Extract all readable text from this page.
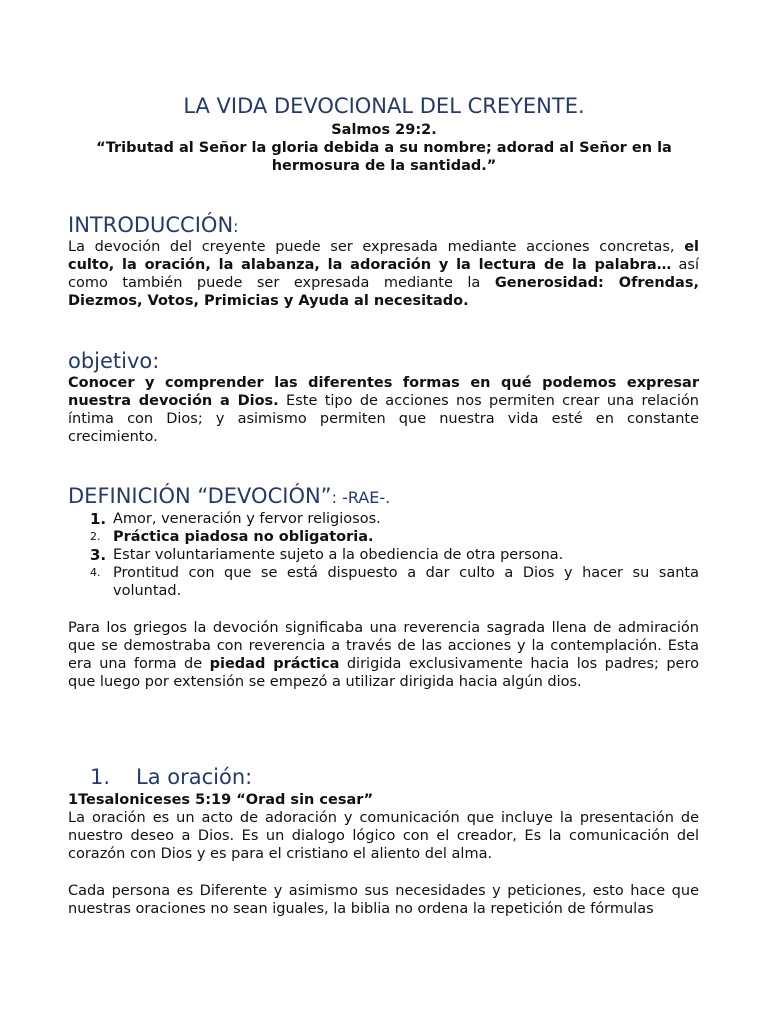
LA VIDA DEVOCIONAL DEL CREYENTE.
Salmos 29:2.
“Tributad al Señor la gloria debida a su nombre; adorad al Señor en la hermosura de la santidad.”
INTRODUCCIÓN:
La devoción del creyente puede ser expresada mediante acciones concretas, el culto, la oración, la alabanza, la adoración y la lectura de la palabra… así como también puede ser expresada mediante la Generosidad: Ofrendas, Diezmos, Votos, Primicias y Ayuda al necesitado.
objetivo:
Conocer y comprender las diferentes formas en qué podemos expresar nuestra devoción a Dios. Este tipo de acciones nos permiten crear una relación íntima con Dios; y asimismo permiten que nuestra vida esté en constante crecimiento.
DEFINICIÓN “DEVOCIÓN”: -RAE-.
1. Amor, veneración y fervor religiosos.
2. Práctica piadosa no obligatoria.
3. Estar voluntariamente sujeto a la obediencia de otra persona.
4. Prontitud con que se está dispuesto a dar culto a Dios y hacer su santa voluntad.
Para los griegos la devoción significaba una reverencia sagrada llena de admiración que se demostraba con reverencia a través de las acciones y la contemplación. Esta era una forma de piedad práctica dirigida exclusivamente hacia los padres; pero que luego por extensión se empezó a utilizar dirigida hacia algún dios.
1. La oración:
1Tesaloniceses 5:19 “Orad sin cesar”
La oración es un acto de adoración y comunicación que incluye la presentación de nuestro deseo a Dios. Es un dialogo lógico con el creador, Es la comunicación del corazón con Dios y es para el cristiano el aliento del alma.
Cada persona es Diferente y asimismo sus necesidades y peticiones, esto hace que nuestras oraciones no sean iguales, la biblia no ordena la repetición de fórmulas
